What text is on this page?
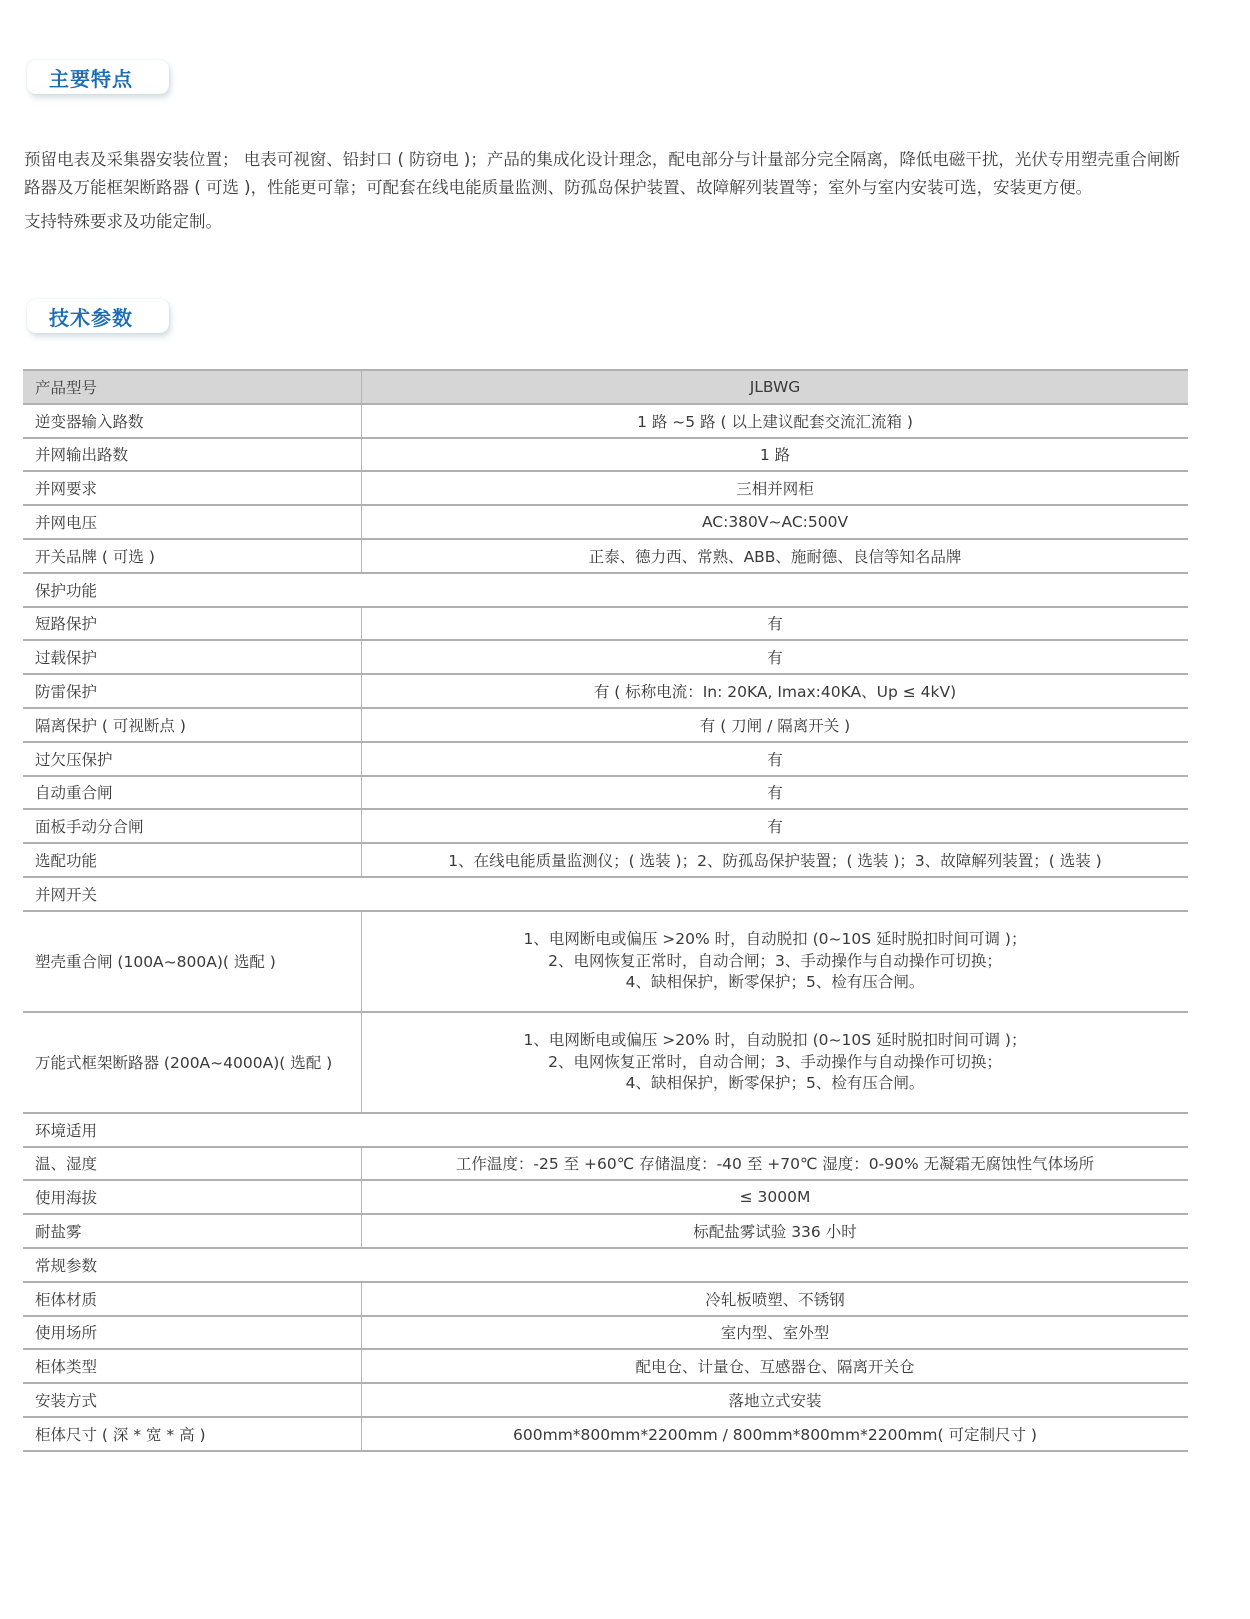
主要特点

预留电表及采集器安装位置； 电表可视窗、铅封口 ( 防窃电 )；产品的集成化设计理念，配电部分与计量部分完全隔离，降低电磁干扰，光伏专用塑壳重合闸断路器及万能框架断路器 ( 可选 )，性能更可靠；可配套在线电能质量监测、防孤岛保护装置、故障解列装置等；室外与室内安装可选，安装更方便。

支持特殊要求及功能定制。

技术参数
产品型号	JLBWG
逆变器输入路数	1 路 ~5 路 ( 以上建议配套交流汇流箱 )
并网输出路数	1 路
并网要求	三相并网柜
并网电压	AC:380V~AC:500V
开关品牌 ( 可选 )	正泰、德力西、常熟、ABB、施耐德、良信等知名品牌
保护功能	
短路保护	有
过载保护	有
防雷保护	有 ( 标称电流：In: 20KA, Imax:40KA、Up ≤ 4kV)
隔离保护 ( 可视断点 )	有 ( 刀闸 / 隔离开关 )
过欠压保护	有
自动重合闸	有
面板手动分合闸	有
选配功能	1、在线电能质量监测仪；( 选装 )；2、防孤岛保护装置；( 选装 )；3、故障解列装置；( 选装 )
并网开关	
塑壳重合闸 (100A~800A)( 选配 )	1、电网断电或偏压 >20% 时，自动脱扣 (0~10S 延时脱扣时间可调 )；
2、电网恢复正常时，自动合闸；3、手动操作与自动操作可切换；
4、缺相保护，断零保护；5、检有压合闸。

万能式框架断路器 (200A~4000A)( 选配 )	1、电网断电或偏压 >20% 时，自动脱扣 (0~10S 延时脱扣时间可调 )；
2、电网恢复正常时，自动合闸；3、手动操作与自动操作可切换；
4、缺相保护，断零保护；5、检有压合闸。

环境适用	
温、湿度	工作温度：-25 至 +60℃ 存储温度：-40 至 +70℃ 湿度：0-90% 无凝霜无腐蚀性气体场所
使用海拔	≤ 3000M
耐盐雾	标配盐雾试验 336 小时
常规参数	
柜体材质	冷轧板喷塑、不锈钢
使用场所	室内型、室外型
柜体类型	配电仓、计量仓、互感器仓、隔离开关仓
安装方式	落地立式安装
柜体尺寸 ( 深 * 宽 * 高 )	600mm*800mm*2200mm / 800mm*800mm*2200mm( 可定制尺寸 )
